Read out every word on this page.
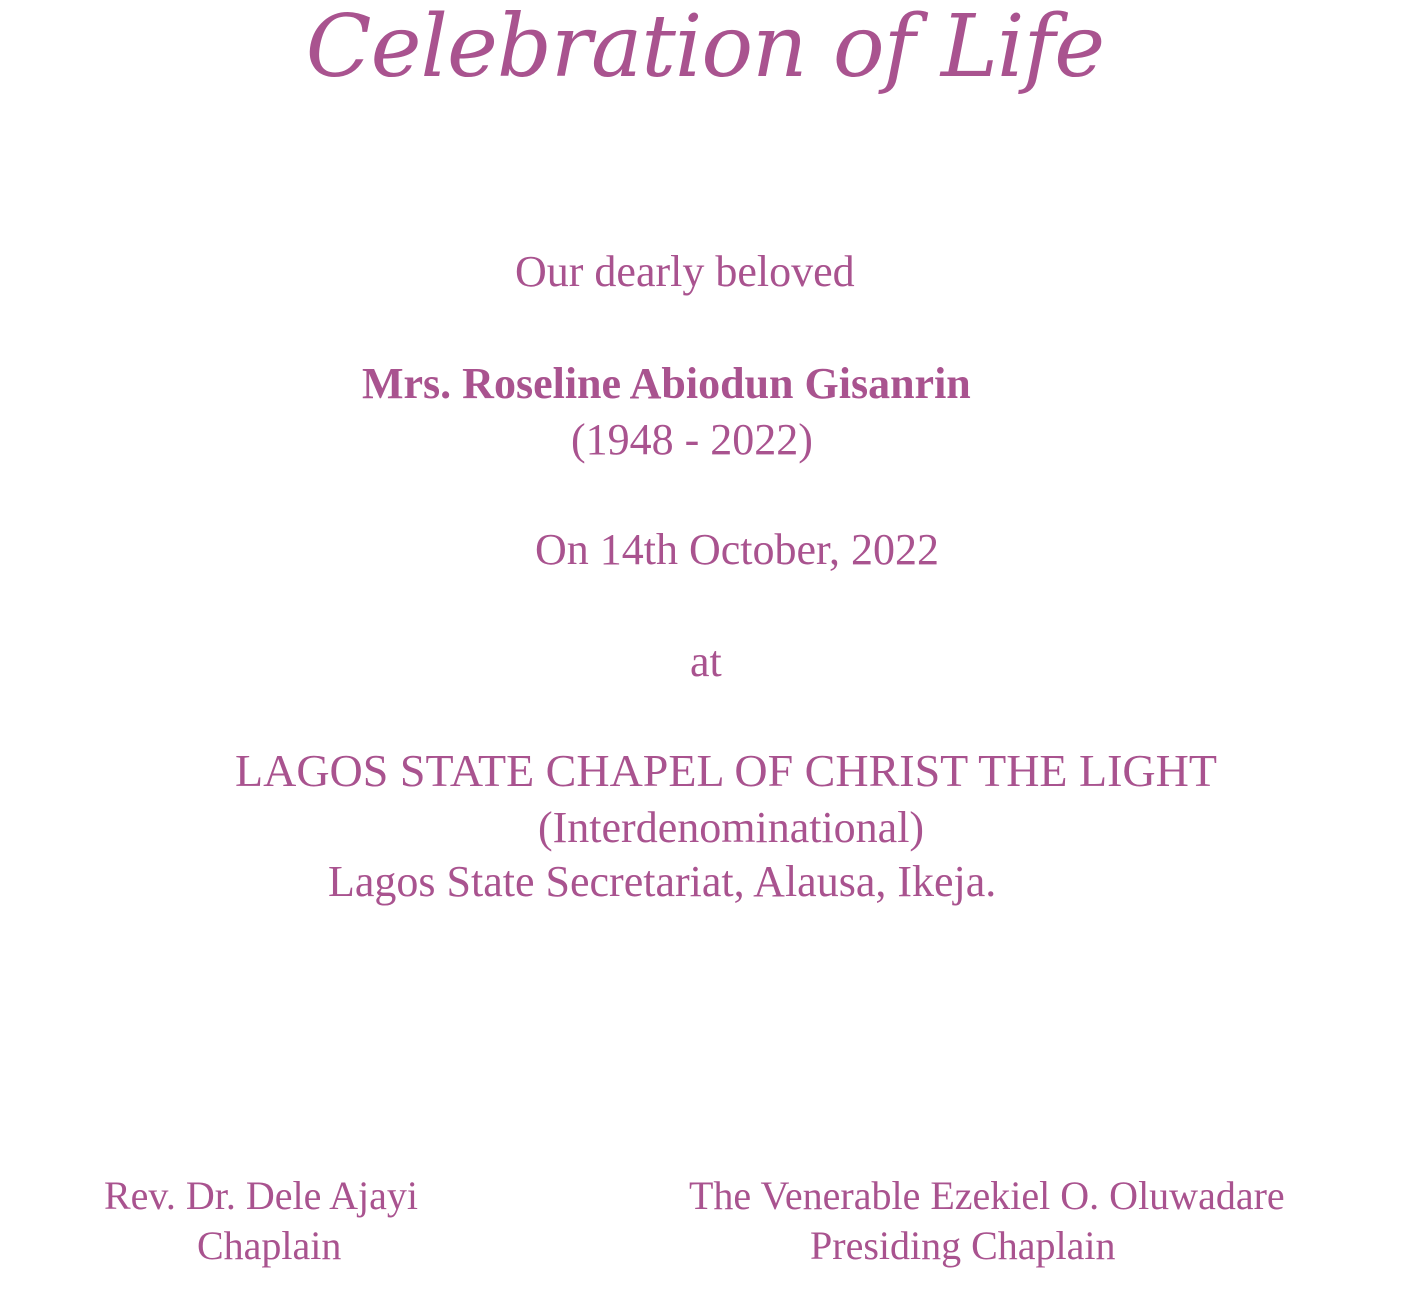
Celebration of Life
Our dearly beloved
Mrs. Roseline Abiodun Gisanrin
(1948 - 2022)
On 14th October, 2022
at
LAGOS STATE CHAPEL OF CHRIST THE LIGHT
(Interdenominational)
Lagos State Secretariat, Alausa, Ikeja.
Rev. Dr. Dele Ajayi
Chaplain
The Venerable Ezekiel O. Oluwadare
Presiding Chaplain
